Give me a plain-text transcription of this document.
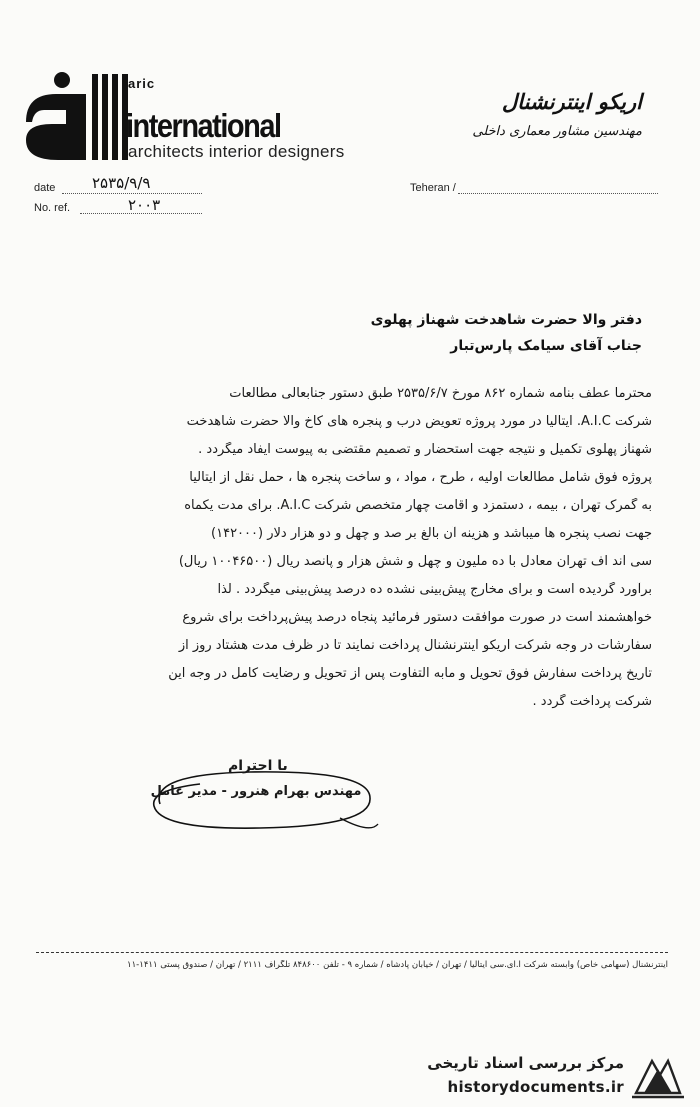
aric
international
architects interior designers
اریکو اینترنشنال
مهندسین مشاور معماری داخلی
date ۲۵۳۵/۹/۹
No. ref.	۲۰۰۳
Teheran /
دفتر والا حضرت شاهدخت شهناز پهلوی
جناب آقای سیامک پارس‌تبار

محترما عطف بنامه شماره ۸۶۲ مورخ ۲۵۳۵/۶/۷ طبق دستور جنابعالی مطالعات

شرکت A.I.C. ایتالیا در مورد پروژه تعویض درب و پنجره های کاخ والا حضرت شاهدخت

شهناز پهلوی تکمیل و نتیجه جهت استحضار و تصمیم مقتضی به پیوست ایفاد میگردد .

پروژه فوق شامل مطالعات اولیه ، طرح ، مواد ، و ساخت پنجره ها ، حمل نقل از ایتالیا

به گمرک تهران ، بیمه ، دستمزد و اقامت چهار متخصص شرکت A.I.C. برای مدت یکماه

جهت نصب پنجره ها میباشد و هزینه آن بالغ بر صد و چهل و دو هزار دلار (۱۴۲۰۰۰)

سی اند اف تهران معادل با ده ملیون و چهل و شش هزار و پانصد ریال (۱۰۰۴۶۵۰۰ ریال)

برآورد گردیده است و برای مخارج پیش‌بینی نشده ده درصد پیش‌بینی میگردد . لذا

خواهشمند است در صورت موافقت دستور فرمائید پنجاه درصد پیش‌پرداخت برای شروع

سفارشات در وجه شرکت اریکو اینترنشنال پرداخت نمایند تا در ظرف مدت هشتاد روز از

تاریخ پرداخت سفارش فوق تحویل و مابه التفاوت پس از تحویل و رضایت کامل در وجه این

شرکت پرداخت گردد .

با احترام
مهندس بهرام هنرور - مدیر عامل
اینترنشنال (سهامی خاص) وابسته شرکت آ.ای.سی ایتالیا / تهران / خیابان پادشاه / شماره ۹ - تلفن ۸۴۸۶۰۰ تلگراف ۲۱۱۱ / تهران / صندوق پستی ۱۴۱۱-۱۱
مرکز بررسی اسناد تاریخی
historydocuments.ir
